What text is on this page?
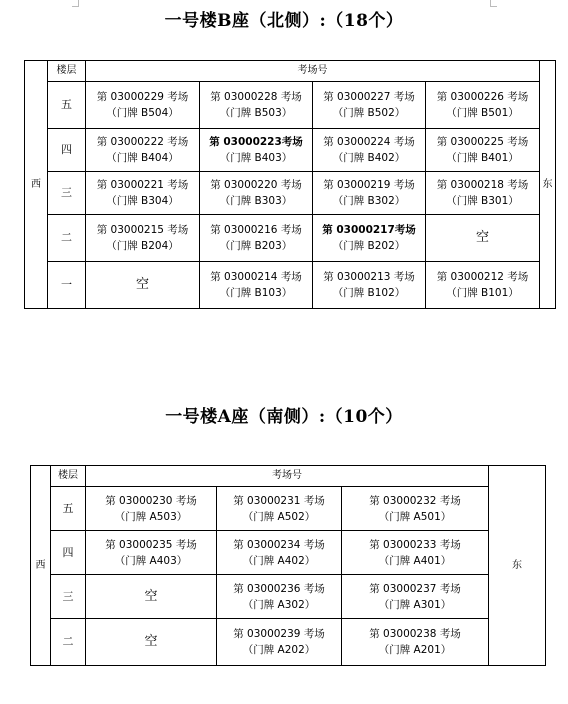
一号楼B座（北侧）:（18个）
西	楼层	考场号				东
	五	第 03000229 考场
（门牌 B504）	第 03000228 考场
（门牌 B503）	第 03000227 考场
（门牌 B502）	第 03000226 考场
（门牌 B501）	

	四	第 03000222 考场
（门牌 B404）	第 03000223考场
（门牌 B403）	第 03000224 考场
（门牌 B402）	第 03000225 考场
（门牌 B401）	

	三	第 03000221 考场
（门牌 B304）	第 03000220 考场
（门牌 B303）	第 03000219 考场
（门牌 B302）	第 03000218 考场
（门牌 B301）	

	二	第 03000215 考场
（门牌 B204）	第 03000216 考场
（门牌 B203）	第 03000217考场
（门牌 B202）	空	
	一	空	第 03000214 考场
（门牌 B103）	第 03000213 考场
（门牌 B102）	第 03000212 考场
（门牌 B101）	
一号楼A座（南侧）:（10个）
西	楼层	考场号			东
	五	第 03000230 考场
（门牌 A503）	第 03000231 考场
（门牌 A502）	第 03000232 考场
（门牌 A501）	

	四	第 03000235 考场
（门牌 A403）	第 03000234 考场
（门牌 A402）	第 03000233 考场
（门牌 A401）	

	三	空	第 03000236 考场
（门牌 A302）	第 03000237 考场
（门牌 A301）	

	二	空	第 03000239 考场
（门牌 A202）	第 03000238 考场
（门牌 A201）	
